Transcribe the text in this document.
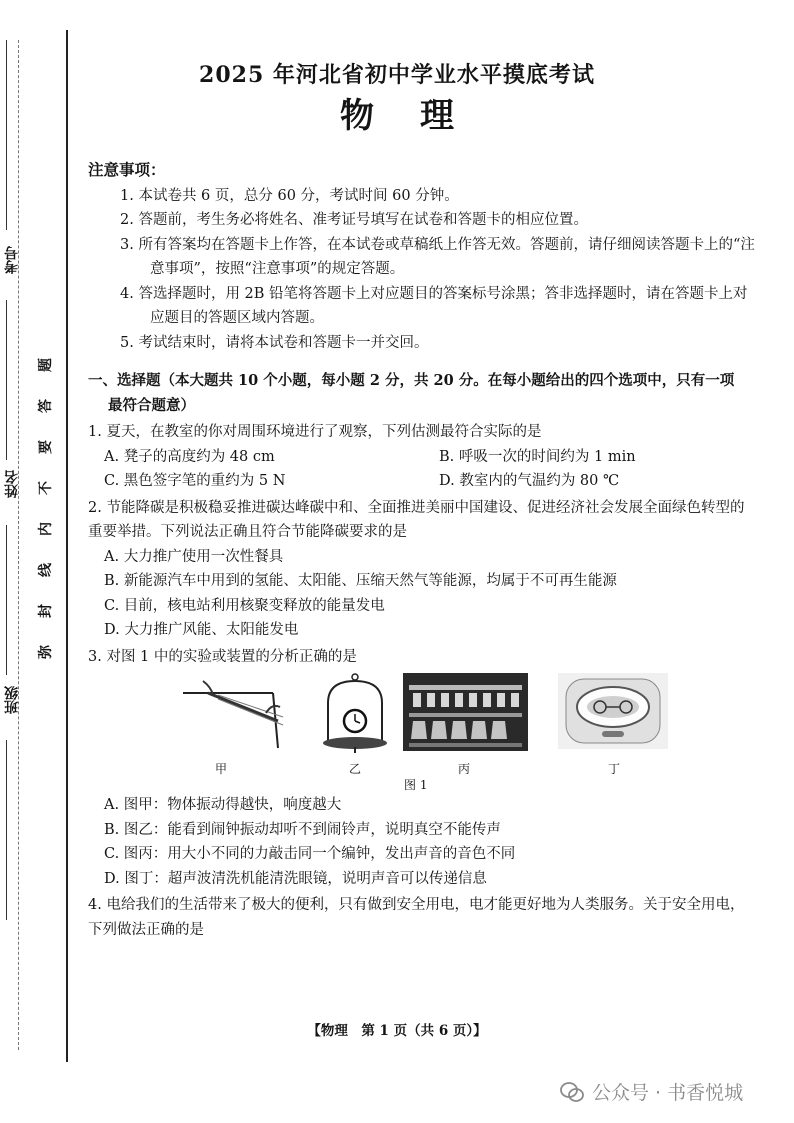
考号
姓名
班级
题
答
要
不
内
线
封
弥
2025 年河北省初中学业水平摸底考试
物理
注意事项：
1. 本试卷共 6 页，总分 60 分，考试时间 60 分钟。
2. 答题前，考生务必将姓名、准考证号填写在试卷和答题卡的相应位置。
3. 所有答案均在答题卡上作答，在本试卷或草稿纸上作答无效。答题前，请仔细阅读答题卡上的“注意事项”，按照“注意事项”的规定答题。
4. 答选择题时，用 2B 铅笔将答题卡上对应题目的答案标号涂黑；答非选择题时，请在答题卡上对应题目的答题区域内答题。
5. 考试结束时，请将本试卷和答题卡一并交回。
一、选择题（本大题共 10 个小题，每小题 2 分，共 20 分。在每小题给出的四个选项中，只有一项
最符合题意）
1. 夏天，在教室的你对周围环境进行了观察，下列估测最符合实际的是
A. 凳子的高度约为 48 cm	B. 呼吸一次的时间约为 1 min
C. 黑色签字笔的重约为 5 N	D. 教室内的气温约为 80 ℃
2. 节能降碳是积极稳妥推进碳达峰碳中和、全面推进美丽中国建设、促进经济社会发展全面绿色转型的重要举措。下列说法正确且符合节能降碳要求的是
A. 大力推广使用一次性餐具
B. 新能源汽车中用到的氢能、太阳能、压缩天然气等能源，均属于不可再生能源
C. 目前，核电站利用核聚变释放的能量发电
D. 大力推广风能、太阳能发电
3. 对图 1 中的实验或装置的分析正确的是
甲	乙	丙	丁
图 1
A. 图甲：物体振动得越快，响度越大
B. 图乙：能看到闹钟振动却听不到闹铃声，说明真空不能传声
C. 图丙：用大小不同的力敲击同一个编钟，发出声音的音色不同
D. 图丁：超声波清洗机能清洗眼镜，说明声音可以传递信息
4. 电给我们的生活带来了极大的便利，只有做到安全用电，电才能更好地为人类服务。关于安全用电，下列做法正确的是
【物理　第 1 页（共 6 页）】
公众号 · 书香悦城
